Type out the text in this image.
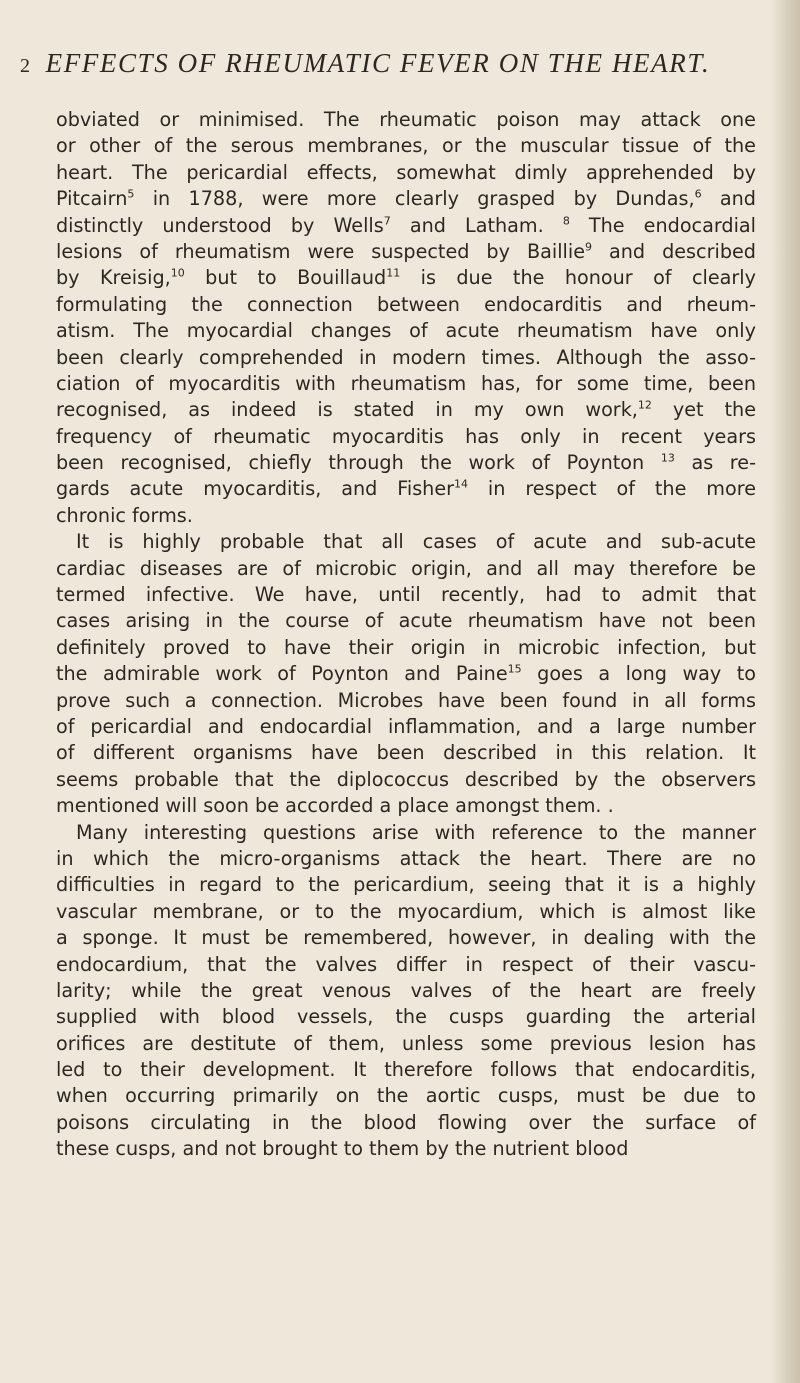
2 EFFECTS OF RHEUMATIC FEVER ON THE HEART.
obviated or minimised. The rheumatic poison may attack one
or other of the serous membranes, or the muscular tissue of the
heart. The pericardial effects, somewhat dimly apprehended by
Pitcairn$^5$ in 1788, were more clearly grasped by Dundas,$^6$ and
distinctly understood by Wells$^7$ and Latham. $^8$ The endocardial
lesions of rheumatism were suspected by Baillie$^9$ and described
by Kreisig,$^{10}$ but to Bouillaud$^{11}$ is due the honour of clearly
formulating the connection between endocarditis and rheum-
atism. The myocardial changes of acute rheumatism have only
been clearly comprehended in modern times. Although the asso-
ciation of myocarditis with rheumatism has, for some time, been
recognised, as indeed is stated in my own work,$^{12}$ yet the
frequency of rheumatic myocarditis has only in recent years
been recognised, chiefly through the work of Poynton $^{13}$ as re-
gards acute myocarditis, and Fisher$^{14}$ in respect of the more
chronic forms.
It is highly probable that all cases of acute and sub-acute
cardiac diseases are of microbic origin, and all may therefore be
termed infective. We have, until recently, had to admit that
cases arising in the course of acute rheumatism have not been
definitely proved to have their origin in microbic infection, but
the admirable work of Poynton and Paine$^{15}$ goes a long way to
prove such a connection. Microbes have been found in all forms
of pericardial and endocardial inflammation, and a large number
of different organisms have been described in this relation. It
seems probable that the diplococcus described by the observers
mentioned will soon be accorded a place amongst them. .
Many interesting questions arise with reference to the manner
in which the micro-organisms attack the heart. There are no
difficulties in regard to the pericardium, seeing that it is a highly
vascular membrane, or to the myocardium, which is almost like
a sponge. It must be remembered, however, in dealing with the
endocardium, that the valves differ in respect of their vascu-
larity; while the great venous valves of the heart are freely
supplied with blood vessels, the cusps guarding the arterial
orifices are destitute of them, unless some previous lesion has
led to their development. It therefore follows that endocarditis,
when occurring primarily on the aortic cusps, must be due to
poisons circulating in the blood flowing over the surface of
these cusps, and not brought to them by the nutrient blood
